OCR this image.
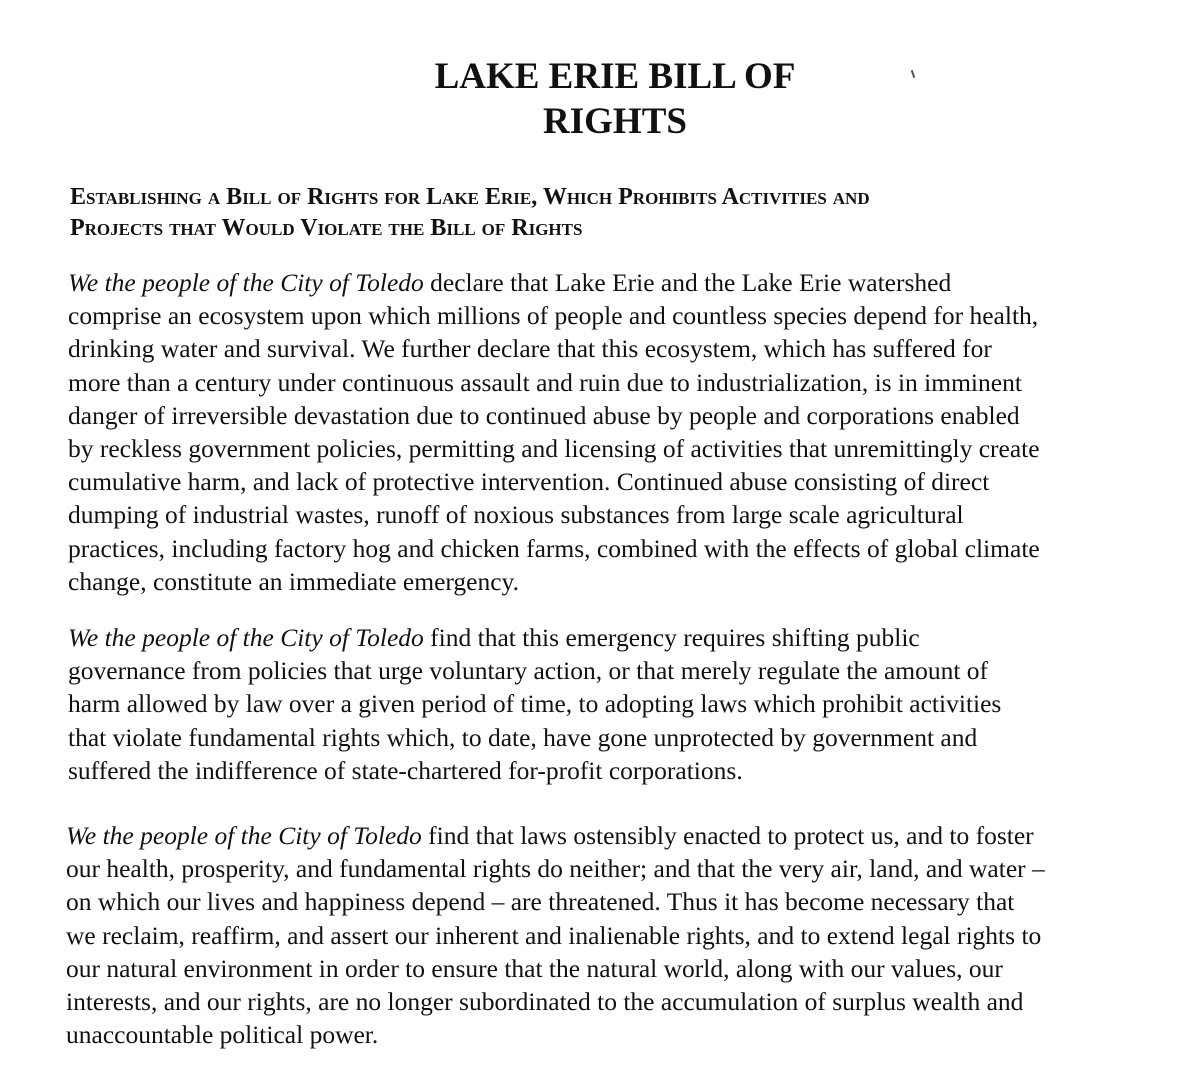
LAKE ERIE BILL OF
RIGHTS
Establishing a Bill of Rights for Lake Erie, Which Prohibits Activities and
Projects that Would Violate the Bill of Rights
We the people of the City of Toledo declare that Lake Erie and the Lake Erie watershed
comprise an ecosystem upon which millions of people and countless species depend for health,
drinking water and survival. We further declare that this ecosystem, which has suffered for
more than a century under continuous assault and ruin due to industrialization, is in imminent
danger of irreversible devastation due to continued abuse by people and corporations enabled
by reckless government policies, permitting and licensing of activities that unremittingly create
cumulative harm, and lack of protective intervention. Continued abuse consisting of direct
dumping of industrial wastes, runoff of noxious substances from large scale agricultural
practices, including factory hog and chicken farms, combined with the effects of global climate
change, constitute an immediate emergency.
We the people of the City of Toledo find that this emergency requires shifting public
governance from policies that urge voluntary action, or that merely regulate the amount of
harm allowed by law over a given period of time, to adopting laws which prohibit activities
that violate fundamental rights which, to date, have gone unprotected by government and
suffered the indifference of state-chartered for-profit corporations.
We the people of the City of Toledo find that laws ostensibly enacted to protect us, and to foster
our health, prosperity, and fundamental rights do neither; and that the very air, land, and water –
on which our lives and happiness depend – are threatened. Thus it has become necessary that
we reclaim, reaffirm, and assert our inherent and inalienable rights, and to extend legal rights to
our natural environment in order to ensure that the natural world, along with our values, our
interests, and our rights, are no longer subordinated to the accumulation of surplus wealth and
unaccountable political power.
